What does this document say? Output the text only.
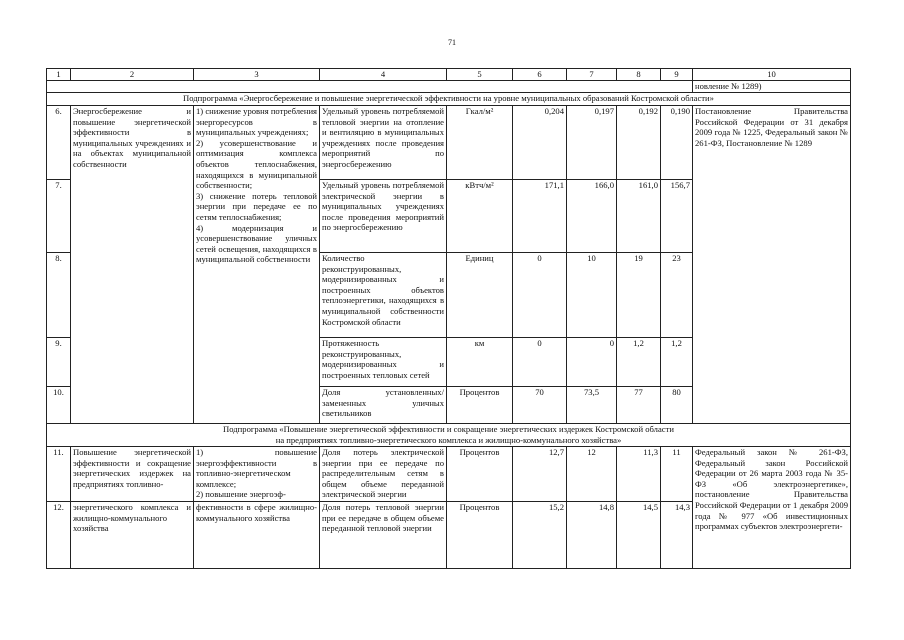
71
1	2	3	4	5	6	7	8	9	10
									новление № 1289)
Подпрограмма «Энергосбережение и повышение энергетической эффективности на уровне муниципальных образований Костромской области»									
6.	Энергосбережение и повышение энергетической эффективности в муниципальных учреждениях и на объектах муниципальной собственности	1) снижение уровня потребления энергоресурсов в муниципальных учреждениях;
2) усовершенствование и оптимизация комплекса объектов теплоснабжения, находящихся в муниципальной собственности;
3) снижение потерь тепловой энергии при передаче ее по сетям теплоснабжения;
4) модернизация и усовершенствование уличных сетей освещения, находящихся в муниципальной собственности	Удельный уровень потребляемой тепловой энергии на отопление и вентиляцию в муниципальных учреждениях после проведения мероприятий по энергосбережению	Гкал/м²	0,204	0,197	0,192	0,190	Постановление Правительства Российской Федерации от 31 декабря 2009 года № 1225, Федеральный закон № 261-ФЗ, Постановление № 1289
7.			Удельный уровень потребляемой электрической энергии в муниципальных учреждениях после проведения мероприятий по энергосбережению	кВтч/м²	171,1	166,0	161,0	156,7	
8.			Количество реконструированных, модернизированных и построенных объектов теплоэнергетики, находящихся в муниципальной собственности Костромской области	Единиц	0	10	19	23	
9.			Протяженность реконструированных, модернизированных и построенных тепловых сетей	км	0	0	1,2	1,2	
10.			Доля установленных/замененных уличных светильников	Процентов	70	73,5	77	80	

Подпрограмма «Повышение энергетической эффективности и сокращение энергетических издержек Костромской области
на предприятиях топливно-энергетического комплекса и жилищно-коммунального хозяйства»									

11.	Повышение энергетической эффективности и сокращение энергетических издержек на предприятиях топливно-	1) повышение энергоэффективности в топливно-энергетическом комплексе;
2) повышение энергоэф-	Доля потерь электрической энергии при ее передаче по распределительным сетям в общем объеме переданной электрической энергии	Процентов	12,7	12	11,3	11	Федеральный закон № 261-ФЗ, Федеральный закон Российской Федерации от 26 марта 2003 года № 35-ФЗ «Об электроэнергетике», постановление Правительства Российской Федерации от 1 декабря 2009 года № 977 «Об инвестиционных программах субъектов электроэнергети-
12.	энергетического комплекса и жилищно-коммунального хозяйства	фективности в сфере жилищно-коммунального хозяйства	Доля потерь тепловой энергии при ее передаче в общем объеме переданной тепловой энергии	Процентов	15,2	14,8	14,5	14,3	
